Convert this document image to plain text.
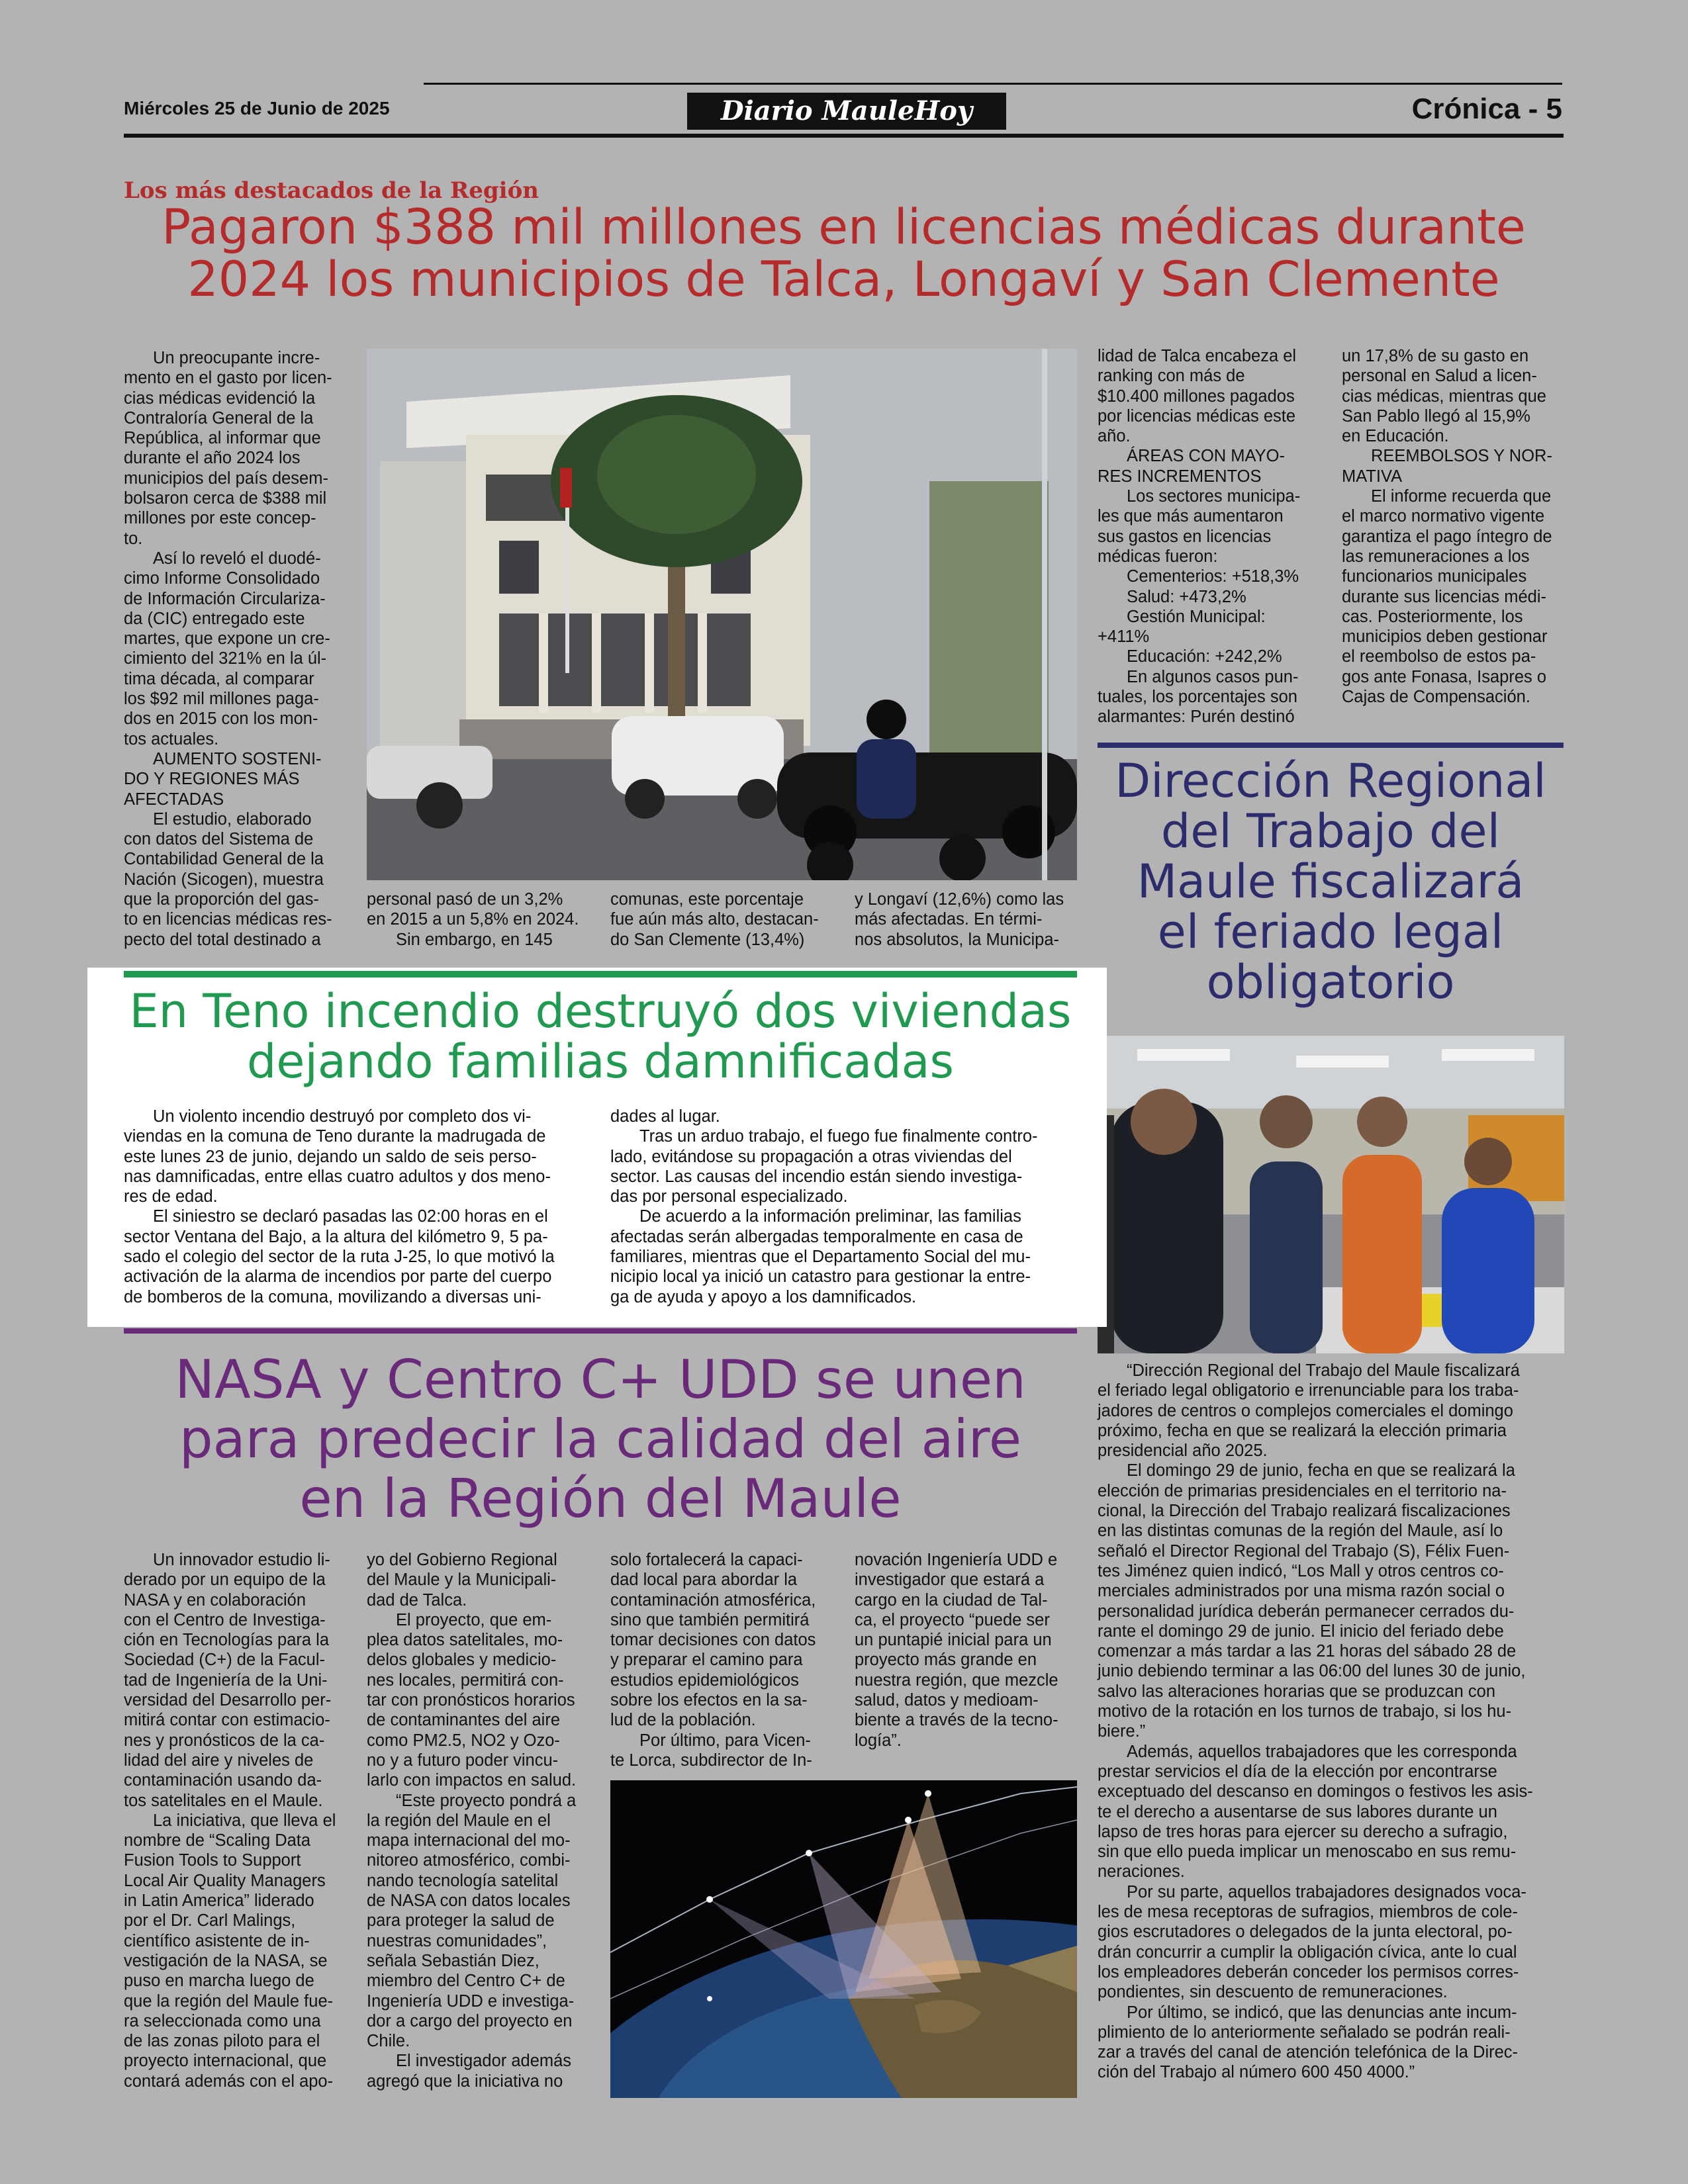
Miércoles 25 de Junio de 2025	Diario MauleHoy	Crónica - 5
Los más destacados de la Región
Pagaron $388 mil millones en licencias médicas durante
2024 los municipios de Talca, Longaví y San Clemente

Un preocupante incre-
mento en el gasto por licen-
cias médicas evidenció la
Contraloría General de la
República, al informar que
durante el año 2024 los
municipios del país desem-
bolsaron cerca de $388 mil
millones por este concep-
to.

Así lo reveló el duodé-
cimo Informe Consolidado
de Información Circulariza-
da (CIC) entregado este
martes, que expone un cre-
cimiento del 321% en la úl-
tima década, al comparar
los $92 mil millones paga-
dos en 2015 con los mon-
tos actuales.

AUMENTO SOSTENI-
DO Y REGIONES MÁS
AFECTADAS

El estudio, elaborado
con datos del Sistema de
Contabilidad General de la
Nación (Sicogen), muestra
que la proporción del gas-
to en licencias médicas res-
pecto del total destinado a

personal pasó de un 3,2%
en 2015 a un 5,8% en 2024.

Sin embargo, en 145

comunas, este porcentaje
fue aún más alto, destacan-
do San Clemente (13,4%)

y Longaví (12,6%) como las
más afectadas. En térmi-
nos absolutos, la Municipa-

lidad de Talca encabeza el
ranking con más de
$10.400 millones pagados
por licencias médicas este
año.

ÁREAS CON MAYO-
RES INCREMENTOS

Los sectores municipa-
les que más aumentaron
sus gastos en licencias
médicas fueron:

Cementerios: +518,3%

Salud: +473,2%

Gestión Municipal:
+411%

Educación: +242,2%

En algunos casos pun-
tuales, los porcentajes son
alarmantes: Purén destinó

un 17,8% de su gasto en
personal en Salud a licen-
cias médicas, mientras que
San Pablo llegó al 15,9%
en Educación.

REEMBOLSOS Y NOR-
MATIVA

El informe recuerda que
el marco normativo vigente
garantiza el pago íntegro de
las remuneraciones a los
funcionarios municipales
durante sus licencias médi-
cas. Posteriormente, los
municipios deben gestionar
el reembolso de estos pa-
gos ante Fonasa, Isapres o
Cajas de Compensación.

Dirección Regional
del Trabajo del
Maule fiscalizará
el feriado legal
obligatorio

“Dirección Regional del Trabajo del Maule fiscalizará
el feriado legal obligatorio e irrenunciable para los traba-
jadores de centros o complejos comerciales el domingo
próximo, fecha en que se realizará la elección primaria
presidencial año 2025.

El domingo 29 de junio, fecha en que se realizará la
elección de primarias presidenciales en el territorio na-
cional, la Dirección del Trabajo realizará fiscalizaciones
en las distintas comunas de la región del Maule, así lo
señaló el Director Regional del Trabajo (S), Félix Fuen-
tes Jiménez quien indicó, “Los Mall y otros centros co-
merciales administrados por una misma razón social o
personalidad jurídica deberán permanecer cerrados du-
rante el domingo 29 de junio. El inicio del feriado debe
comenzar a más tardar a las 21 horas del sábado 28 de
junio debiendo terminar a las 06:00 del lunes 30 de junio,
salvo las alteraciones horarias que se produzcan con
motivo de la rotación en los turnos de trabajo, si los hu-
biere.”

Además, aquellos trabajadores que les corresponda
prestar servicios el día de la elección por encontrarse
exceptuado del descanso en domingos o festivos les asis-
te el derecho a ausentarse de sus labores durante un
lapso de tres horas para ejercer su derecho a sufragio,
sin que ello pueda implicar un menoscabo en sus remu-
neraciones.

Por su parte, aquellos trabajadores designados voca-
les de mesa receptoras de sufragios, miembros de cole-
gios escrutadores o delegados de la junta electoral, po-
drán concurrir a cumplir la obligación cívica, ante lo cual
los empleadores deberán conceder los permisos corres-
pondientes, sin descuento de remuneraciones.

Por último, se indicó, que las denuncias ante incum-
plimiento de lo anteriormente señalado se podrán reali-
zar a través del canal de atención telefónica de la Direc-
ción del Trabajo al número 600 450 4000.”

En Teno incendio destruyó dos viviendas
dejando familias damnificadas

Un violento incendio destruyó por completo dos vi-
viendas en la comuna de Teno durante la madrugada de
este lunes 23 de junio, dejando un saldo de seis perso-
nas damnificadas, entre ellas cuatro adultos y dos meno-
res de edad.

El siniestro se declaró pasadas las 02:00 horas en el
sector Ventana del Bajo, a la altura del kilómetro 9, 5 pa-
sado el colegio del sector de la ruta J-25, lo que motivó la
activación de la alarma de incendios por parte del cuerpo
de bomberos de la comuna, movilizando a diversas uni-

dades al lugar.

Tras un arduo trabajo, el fuego fue finalmente contro-
lado, evitándose su propagación a otras viviendas del
sector. Las causas del incendio están siendo investiga-
das por personal especializado.

De acuerdo a la información preliminar, las familias
afectadas serán albergadas temporalmente en casa de
familiares, mientras que el Departamento Social del mu-
nicipio local ya inició un catastro para gestionar la entre-
ga de ayuda y apoyo a los damnificados.

NASA y Centro C+ UDD se unen
para predecir la calidad del aire
en la Región del Maule

Un innovador estudio li-
derado por un equipo de la
NASA y en colaboración
con el Centro de Investiga-
ción en Tecnologías para la
Sociedad (C+) de la Facul-
tad de Ingeniería de la Uni-
versidad del Desarrollo per-
mitirá contar con estimacio-
nes y pronósticos de la ca-
lidad del aire y niveles de
contaminación usando da-
tos satelitales en el Maule.

La iniciativa, que lleva el
nombre de “Scaling Data
Fusion Tools to Support
Local Air Quality Managers
in Latin America” liderado
por el Dr. Carl Malings,
científico asistente de in-
vestigación de la NASA, se
puso en marcha luego de
que la región del Maule fue-
ra seleccionada como una
de las zonas piloto para el
proyecto internacional, que
contará además con el apo-

yo del Gobierno Regional
del Maule y la Municipali-
dad de Talca.

El proyecto, que em-
plea datos satelitales, mo-
delos globales y medicio-
nes locales, permitirá con-
tar con pronósticos horarios
de contaminantes del aire
como PM2.5, NO2 y Ozo-
no y a futuro poder vincu-
larlo con impactos en salud.

“Este proyecto pondrá a
la región del Maule en el
mapa internacional del mo-
nitoreo atmosférico, combi-
nando tecnología satelital
de NASA con datos locales
para proteger la salud de
nuestras comunidades”,
señala Sebastián Diez,
miembro del Centro C+ de
Ingeniería UDD e investiga-
dor a cargo del proyecto en
Chile.

El investigador además
agregó que la iniciativa no

solo fortalecerá la capaci-
dad local para abordar la
contaminación atmosférica,
sino que también permitirá
tomar decisiones con datos
y preparar el camino para
estudios epidemiológicos
sobre los efectos en la sa-
lud de la población.

Por último, para Vicen-
te Lorca, subdirector de In-

novación Ingeniería UDD e
investigador que estará a
cargo en la ciudad de Tal-
ca, el proyecto “puede ser
un puntapié inicial para un
proyecto más grande en
nuestra región, que mezcle
salud, datos y medioam-
biente a través de la tecno-
logía”.
